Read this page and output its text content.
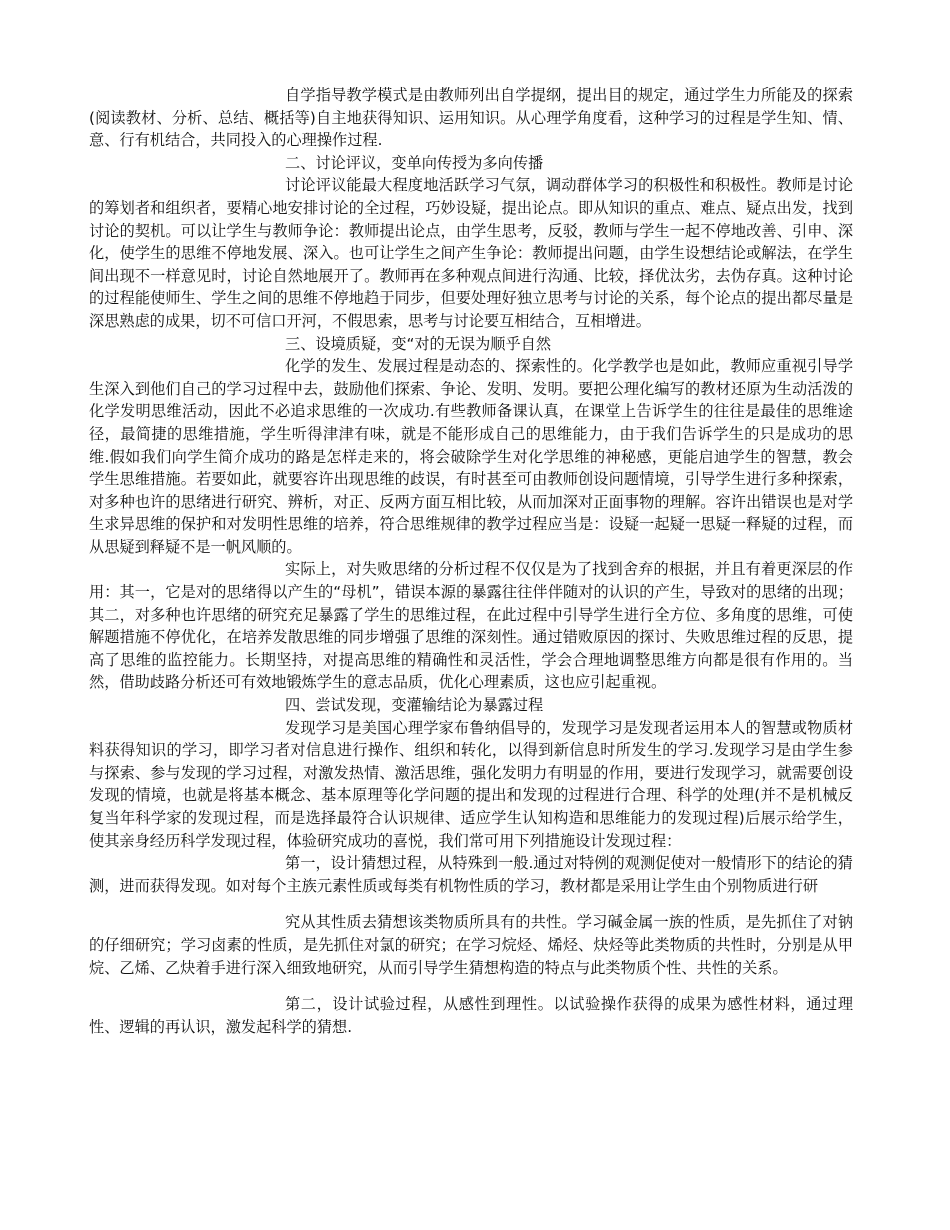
自学指导教学模式是由教师列出自学提纲，提出目的规定，通过学生力所能及的探索(阅读教材、分析、总结、概括等)自主地获得知识、运用知识。从心理学角度看，这种学习的过程是学生知、情、意、行有机结合，共同投入的心理操作过程.

二、讨论评议，变单向传授为多向传播

讨论评议能最大程度地活跃学习气氛，调动群体学习的积极性和积极性。教师是讨论的筹划者和组织者，要精心地安排讨论的全过程，巧妙设疑，提出论点。即从知识的重点、难点、疑点出发，找到讨论的契机。可以让学生与教师争论：教师提出论点，由学生思考，反驳，教师与学生一起不停地改善、引申、深化，使学生的思维不停地发展、深入。也可让学生之间产生争论：教师提出问题，由学生设想结论或解法，在学生间出现不一样意见时，讨论自然地展开了。教师再在多种观点间进行沟通、比较，择优汰劣，去伪存真。这种讨论的过程能使师生、学生之间的思维不停地趋于同步，但要处理好独立思考与讨论的关系，每个论点的提出都尽量是深思熟虑的成果，切不可信口开河，不假思索，思考与讨论要互相结合，互相增进。

三、设境质疑，变“对的无误为顺乎自然

化学的发生、发展过程是动态的、探索性的。化学教学也是如此，教师应重视引导学生深入到他们自己的学习过程中去，鼓励他们探索、争论、发明、发明。要把公理化编写的教材还原为生动活泼的化学发明思维活动，因此不必追求思维的一次成功.有些教师备课认真，在课堂上告诉学生的往往是最佳的思维途径，最简捷的思维措施，学生听得津津有味，就是不能形成自己的思维能力，由于我们告诉学生的只是成功的思维.假如我们向学生简介成功的路是怎样走来的，将会破除学生对化学思维的神秘感，更能启迪学生的智慧，教会学生思维措施。若要如此，就要容许出现思维的歧误，有时甚至可由教师创设问题情境，引导学生进行多种探索，对多种也许的思绪进行研究、辨析，对正、反两方面互相比较，从而加深对正面事物的理解。容许出错误也是对学生求异思维的保护和对发明性思维的培养，符合思维规律的教学过程应当是：设疑一起疑一思疑一释疑的过程，而从思疑到释疑不是一帆风顺的。

实际上，对失败思绪的分析过程不仅仅是为了找到舍弃的根据，并且有着更深层的作用：其一，它是对的思绪得以产生的“母机”，错误本源的暴露往往伴伴随对的认识的产生，导致对的思绪的出现；其二，对多种也许思绪的研究充足暴露了学生的思维过程，在此过程中引导学生进行全方位、多角度的思维，可使解题措施不停优化，在培养发散思维的同步增强了思维的深刻性。通过错败原因的探讨、失败思维过程的反思，提高了思维的监控能力。长期坚持，对提高思维的精确性和灵活性，学会合理地调整思维方向都是很有作用的。当然，借助歧路分析还可有效地锻炼学生的意志品质，优化心理素质，这也应引起重视。

四、尝试发现，变灌输结论为暴露过程

发现学习是美国心理学家布鲁纳倡导的，发现学习是发现者运用本人的智慧或物质材料获得知识的学习，即学习者对信息进行操作、组织和转化，以得到新信息时所发生的学习.发现学习是由学生参与探索、参与发现的学习过程，对激发热情、激活思维，强化发明力有明显的作用，要进行发现学习，就需要创设发现的情境，也就是将基本概念、基本原理等化学问题的提出和发现的过程进行合理、科学的处理(并不是机械反复当年科学家的发现过程，而是选择最符合认识规律、适应学生认知构造和思维能力的发现过程)后展示给学生，使其亲身经历科学发现过程，体验研究成功的喜悦，我们常可用下列措施设计发现过程：

第一，设计猜想过程，从特殊到一般.通过对特例的观测促使对一般情形下的结论的猜测，进而获得发现。如对每个主族元素性质或每类有机物性质的学习，教材都是采用让学生由个别物质进行研

究从其性质去猜想该类物质所具有的共性。学习碱金属一族的性质，是先抓住了对钠的仔细研究；学习卤素的性质，是先抓住对氯的研究；在学习烷烃、烯烃、炔烃等此类物质的共性时，分别是从甲烷、乙烯、乙炔着手进行深入细致地研究，从而引导学生猜想构造的特点与此类物质个性、共性的关系。

第二，设计试验过程，从感性到理性。以试验操作获得的成果为感性材料，通过理性、逻辑的再认识，激发起科学的猜想.
